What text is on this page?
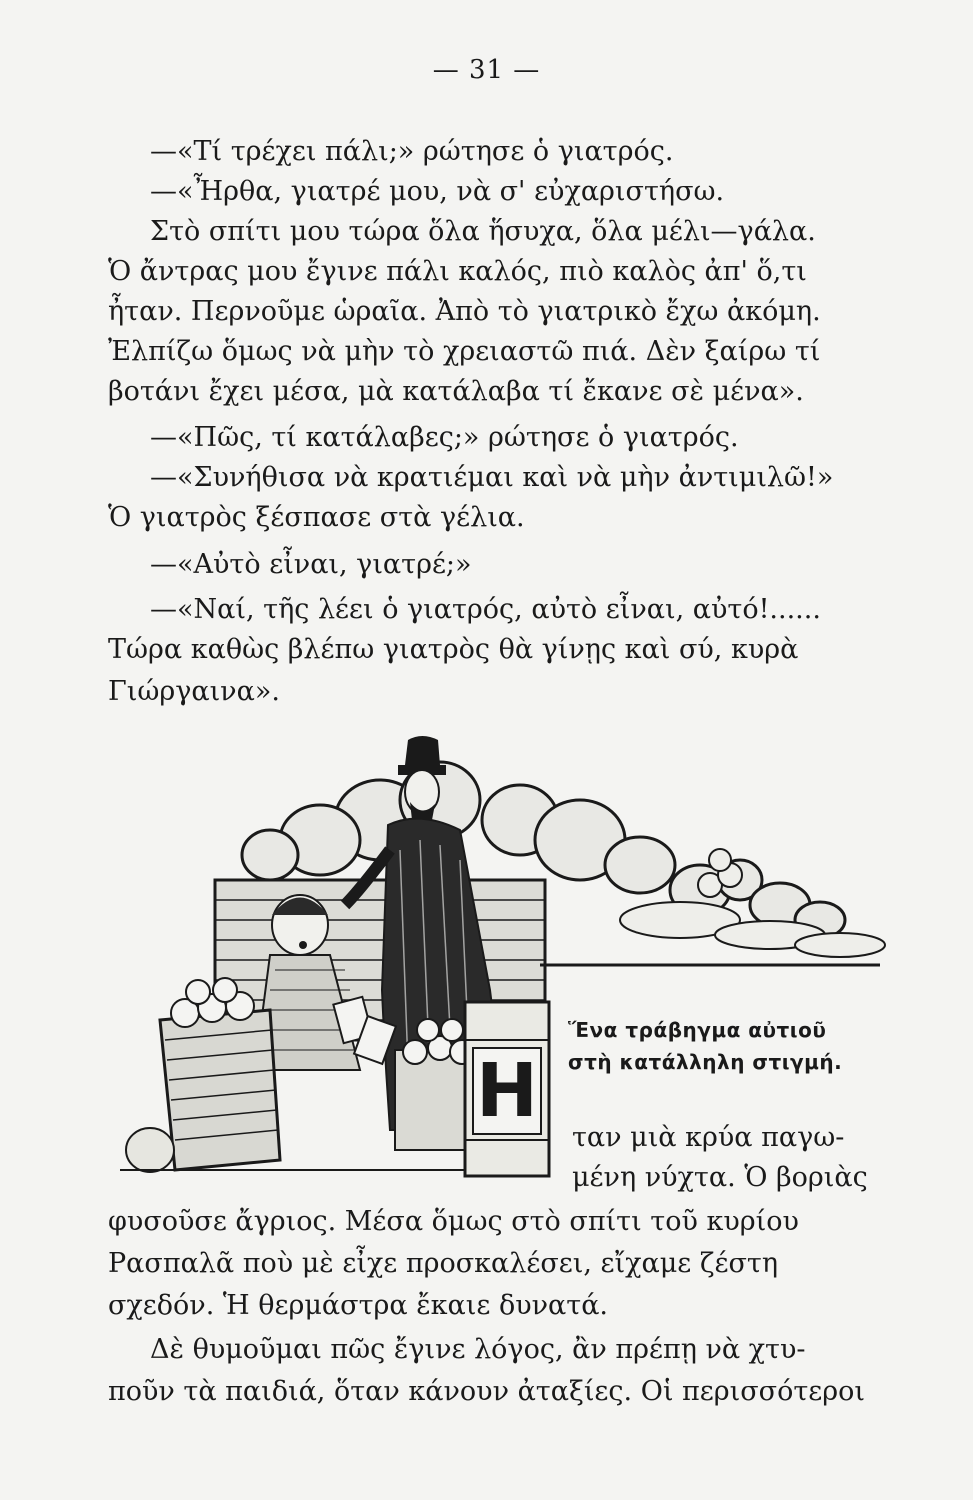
— 31 —
—«Τί τρέχει πάλι;» ρώτησε ὁ γιατρός.
—«Ἦρθα, γιατρέ μου, νὰ σ' εὐχαριστήσω.
Στὸ σπίτι μου τώρα ὅλα ἥσυχα, ὅλα μέλι—γάλα.
Ὁ ἄντρας μου ἔγινε πάλι καλός, πιὸ καλὸς ἀπ' ὅ,τι
ἦταν. Περνοῦμε ὡραῖα. Ἀπὸ τὸ γιατρικὸ ἔχω ἀκόμη.
Ἐλπίζω ὅμως νὰ μὴν τὸ χρειαστῶ πιά. Δὲν ξαίρω τί
βοτάνι ἔχει μέσα, μὰ κατάλαβα τί ἔκανε σὲ μένα».
—«Πῶς, τί κατάλαβες;» ρώτησε ὁ γιατρός.
—«Συνήθισα νὰ κρατιέμαι καὶ νὰ μὴν ἀντιμιλῶ!»
Ὁ γιατρὸς ξέσπασε στὰ γέλια.
—«Αὐτὸ εἶναι, γιατρέ;»
—«Ναί, τῆς λέει ὁ γιατρός, αὐτὸ εἶναι, αὐτό!......
Τώρα καθὼς βλέπω γιατρὸς θὰ γίνῃς καὶ σύ, κυρὰ
Γιώργαινα».
Η
Ἕνα τράβηγμα αὐτιοῦ
στὴ κατάλληλη στιγμή.
ταν μιὰ κρύα παγω-
μένη νύχτα. Ὁ βοριὰς
φυσοῦσε ἄγριος. Μέσα ὅμως στὸ σπίτι τοῦ κυρίου
Ρασπαλᾶ ποὺ μὲ εἶχε προσκαλέσει, εἴχαμε ζέστη
σχεδόν. Ἡ θερμάστρα ἔκαιε δυνατά.
Δὲ θυμοῦμαι πῶς ἔγινε λόγος, ἂν πρέπῃ νὰ χτυ-
ποῦν τὰ παιδιά, ὅταν κάνουν ἀταξίες. Οἱ περισσότεροι
